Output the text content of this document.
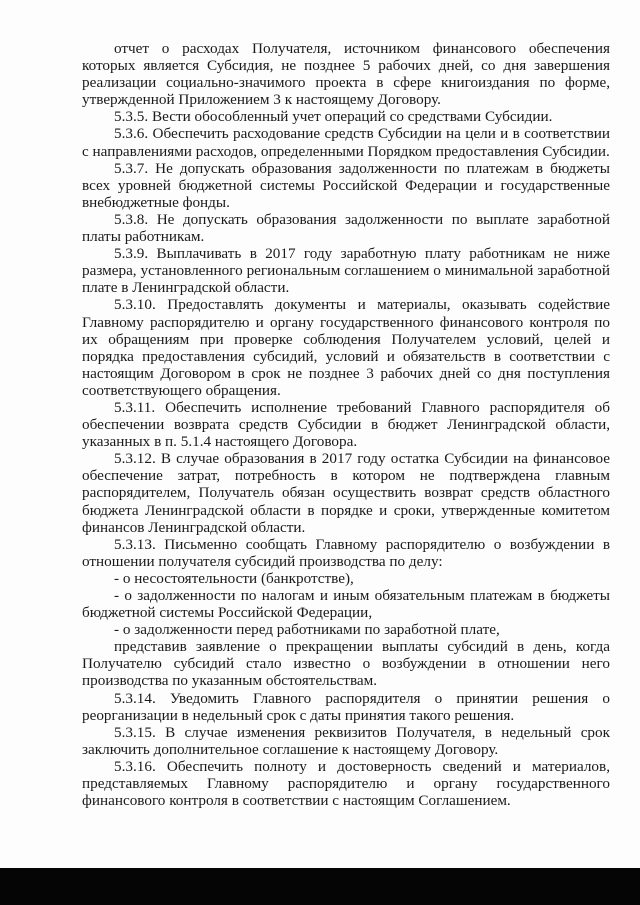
отчет о расходах Получателя, источником финансового обеспечения которых является Субсидия, не позднее 5 рабочих дней, со дня завершения реализации социально-значимого проекта в сфере книгоиздания по форме, утвержденной Приложением 3 к настоящему Договору.

5.3.5. Вести обособленный учет операций со средствами Субсидии.

5.3.6. Обеспечить расходование средств Субсидии на цели и в соответствии с направлениями расходов, определенными Порядком предоставления Субсидии.

5.3.7. Не допускать образования задолженности по платежам в бюджеты всех уровней бюджетной системы Российской Федерации и государственные внебюджетные фонды.

5.3.8. Не допускать образования задолженности по выплате заработной платы работникам.

5.3.9. Выплачивать в 2017 году заработную плату работникам не ниже размера, установленного региональным соглашением о минимальной заработной плате в Ленинградской области.

5.3.10. Предоставлять документы и материалы, оказывать содействие Главному распорядителю и органу государственного финансового контроля по их обращениям при проверке соблюдения Получателем условий, целей и порядка предоставления субсидий, условий и обязательств в соответствии с настоящим Договором в срок не позднее 3 рабочих дней со дня поступления соответствующего обращения.

5.3.11. Обеспечить исполнение требований Главного распорядителя об обеспечении возврата средств Субсидии в бюджет Ленинградской области, указанных в п. 5.1.4 настоящего Договора.

5.3.12. В случае образования в 2017 году остатка Субсидии на финансовое обеспечение затрат, потребность в котором не подтверждена главным распорядителем, Получатель обязан осуществить возврат средств областного бюджета Ленинградской области в порядке и сроки, утвержденные комитетом финансов Ленинградской области.

5.3.13. Письменно сообщать Главному распорядителю о возбуждении в отношении получателя субсидий производства по делу:

- о несостоятельности (банкротстве),

- о задолженности по налогам и иным обязательным платежам в бюджеты бюджетной системы Российской Федерации,

- о задолженности перед работниками по заработной плате,

представив заявление о прекращении выплаты субсидий в день, когда Получателю субсидий стало известно о возбуждении в отношении него производства по указанным обстоятельствам.

5.3.14. Уведомить Главного распорядителя о принятии решения о реорганизации в недельный срок с даты принятия такого решения.

5.3.15. В случае изменения реквизитов Получателя, в недельный срок заключить дополнительное соглашение к настоящему Договору.

5.3.16. Обеспечить полноту и достоверность сведений и материалов, представляемых Главному распорядителю и органу государственного финансового контроля в соответствии с настоящим Соглашением.
